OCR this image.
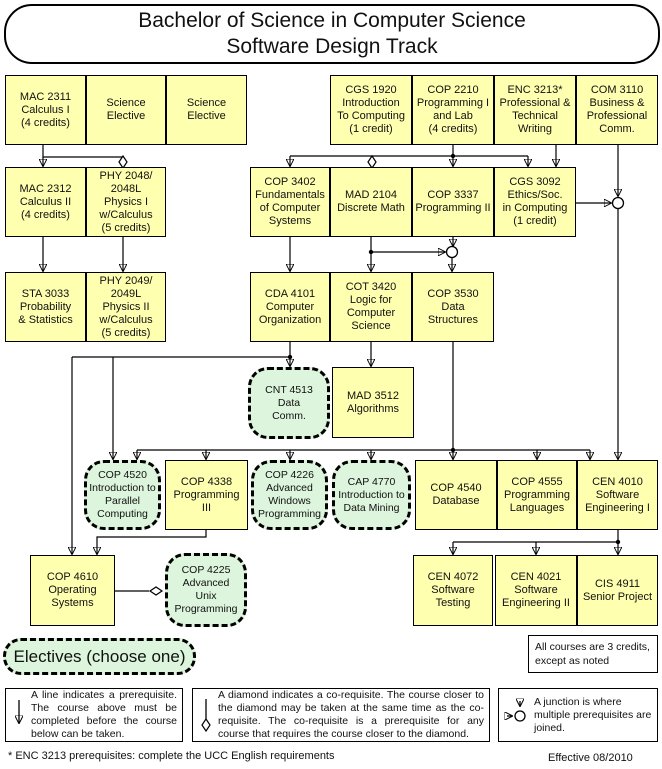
Bachelor of Science in Computer Science
Software Design Track
MAC 2311
Calculus I
(4 credits)
Science
Elective
Science
Elective
CGS 1920
Introduction
To Computing
(1 credit)
COP 2210
Programming I
and Lab
(4 credits)
ENC 3213*
Professional &
Technical
Writing
COM 3110
Business &
Professional
Comm.
MAC 2312
Calculus II
(4 credits)
PHY 2048/
2048L
Physics I
w/Calculus
(5 credits)
COP 3402
Fundamentals
of Computer
Systems
MAD 2104
Discrete Math
COP 3337
Programming II
CGS 3092
Ethics/Soc.
in Computing
(1 credit)
STA 3033
Probability
& Statistics
PHY 2049/
2049L
Physics II
w/Calculus
(5 credits)
CDA 4101
Computer
Organization
COT 3420
Logic for
Computer
Science
COP 3530
Data
Structures
CNT 4513
Data
Comm.
MAD 3512
Algorithms
COP 4520
Introduction to
Parallel
Computing
COP 4338
Programming
III
COP 4226
Advanced
Windows
Programming
CAP 4770
Introduction to
Data Mining
COP 4540
Database
COP 4555
Programming
Languages
CEN 4010
Software
Engineering I
COP 4610
Operating
Systems
COP 4225
Advanced
Unix
Programming
CEN 4072
Software
Testing
CEN 4021
Software
Engineering II
CIS 4911
Senior Project
Electives (choose one)	All courses are 3 credits,
except as noted
A line indicates a prerequisite. The course above must be completed before the course below can be taken.
A diamond indicates a co-requisite. The course closer to the diamond may be taken at the same time as the co-requisite. The co-requisite is a prerequisite for any course that requires the course closer to the diamond.
A junction is where multiple prerequisites are joined.
* ENC 3213 prerequisites: complete the UCC English requirements	Effective 08/2010
